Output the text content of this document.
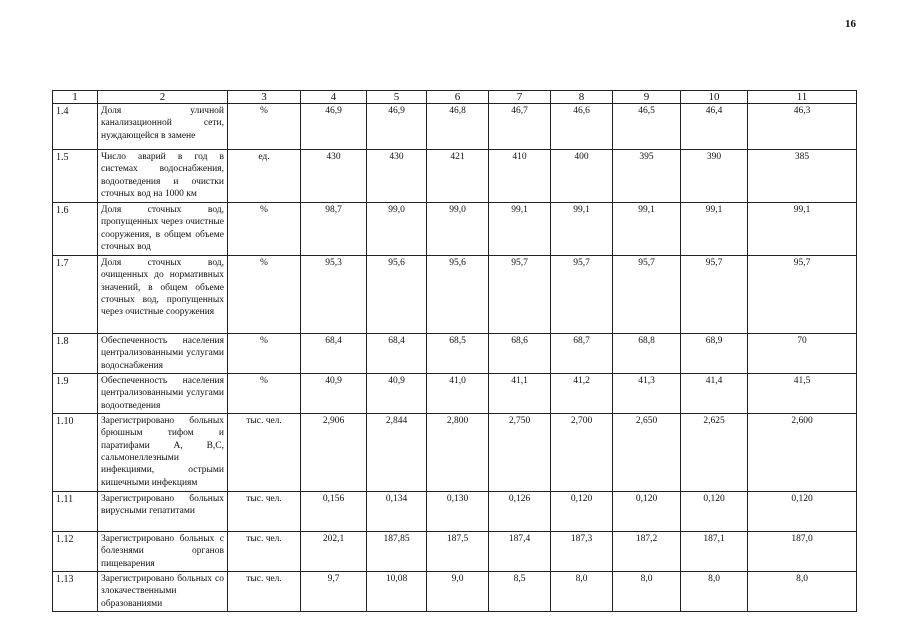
16
1	2	3	4	5	6	7	8	9	10	11
1.4	Доля уличной канализационной сети, нуждающейся в замене	%	46,9	46,9	46,8	46,7	46,6	46,5	46,4	46,3
1.5	Число аварий в год в системах водоснабжения, водоотведения и очистки сточных вод на 1000 км	ед.	430	430	421	410	400	395	390	385
1.6	Доля сточных вод, пропущенных через очистные сооружения, в общем объеме сточных вод	%	98,7	99,0	99,0	99,1	99,1	99,1	99,1	99,1
1.7	Доля сточных вод, очищенных до нормативных значений, в общем объеме сточных вод, пропущенных через очистные сооружения	%	95,3	95,6	95,6	95,7	95,7	95,7	95,7	95,7
1.8	Обеспеченность населения централизованными услугами водоснабжения	%	68,4	68,4	68,5	68,6	68,7	68,8	68,9	70
1.9	Обеспеченность населения централизованными услугами водоотведения	%	40,9	40,9	41,0	41,1	41,2	41,3	41,4	41,5
1.10	Зарегистрировано больных брюшным тифом и паратифами А, В,С, сальмонеллезными инфекциями, острыми кишечными инфекциям	тыс. чел.	2,906	2,844	2,800	2,750	2,700	2,650	2,625	2,600
1.11	Зарегистрировано больных вирусными гепатитами	тыс. чел.	0,156	0,134	0,130	0,126	0,120	0,120	0,120	0,120
1.12	Зарегистрировано больных с болезнями органов пищеварения	тыс. чел.	202,1	187,85	187,5	187,4	187,3	187,2	187,1	187,0
1.13	Зарегистрировано больных со злокачественными образованиями	тыс. чел.	9,7	10,08	9,0	8,5	8,0	8,0	8,0	8,0
